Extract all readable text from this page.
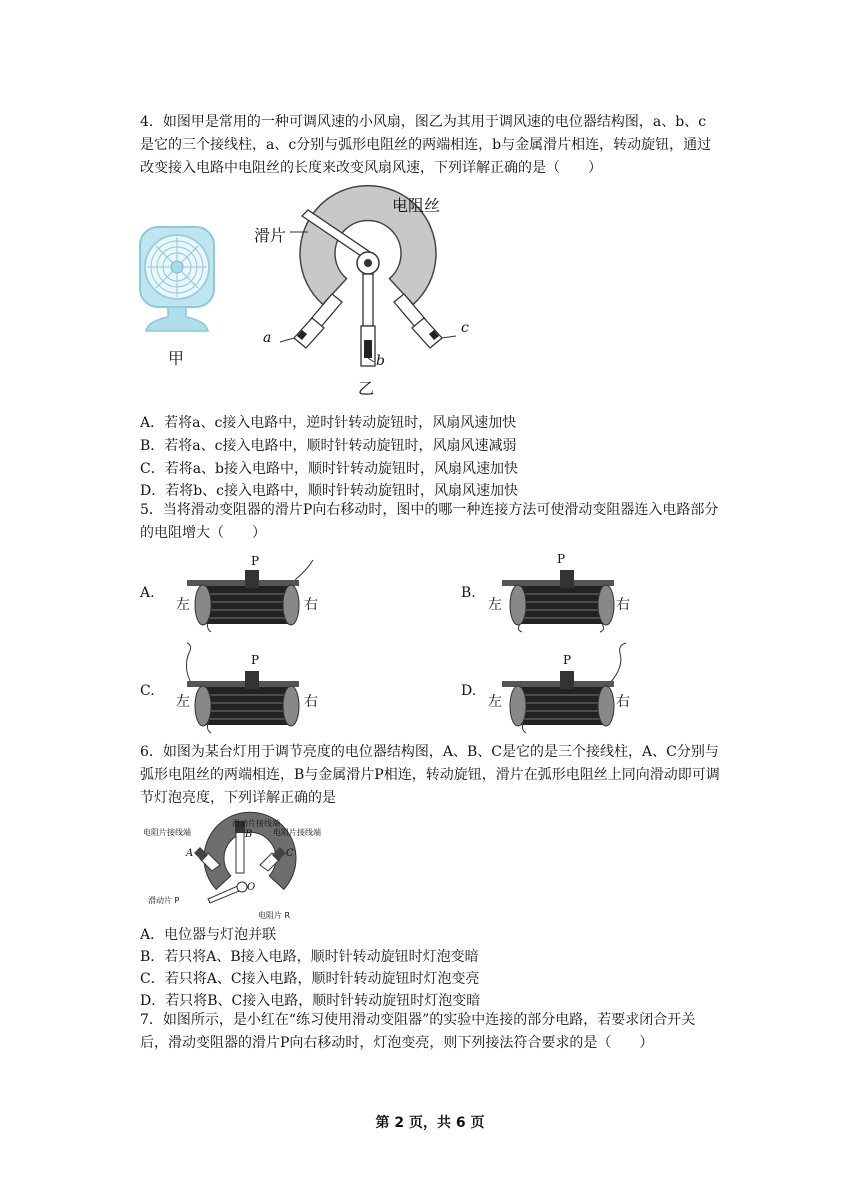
4．如图甲是常用的一种可调风速的小风扇，图乙为其用于调风速的电位器结构图，a、b、c是它的三个接线柱，a、c分别与弧形电阻丝的两端相连，b与金属滑片相连，转动旋钮，通过改变接入电路中电阻丝的长度来改变风扇风速，下列详解正确的是（　　）

甲
电阻丝
滑片
a
b
c
乙
A．若将a、c接入电路中，逆时针转动旋钮时，风扇风速加快
B．若将a、c接入电路中，顺时针转动旋钮时，风扇风速减弱
C．若将a、b接入电路中，顺时针转动旋钮时，风扇风速加快
D．若将b、c接入电路中，顺时针转动旋钮时，风扇风速加快

5．当将滑动变阻器的滑片P向右移动时，图中的哪一种连接方法可使滑动变阻器连入电路部分的电阻增大（　　）

A.
左	右
P
B.
左	右
P
C.
左	右
P
D.
左	右
P

6．如图为某台灯用于调节亮度的电位器结构图，A、B、C是它的是三个接线柱，A、C分别与弧形电阻丝的两端相连，B与金属滑片P相连，转动旋钮，滑片在弧形电阻丝上同向滑动即可调节灯泡亮度，下列详解正确的是

滑动片接线端
电阻片接线端	电阻片接线端
A
B
C
O
滑动片 P
电阻片 R
A．电位器与灯泡并联
B．若只将A、B接入电路，顺时针转动旋钮时灯泡变暗
C．若只将A、C接入电路，顺时针转动旋钮时灯泡变亮
D．若只将B、C接入电路，顺时针转动旋钮时灯泡变暗

7．如图所示，是小红在“练习使用滑动变阻器”的实验中连接的部分电路，若要求闭合开关后，滑动变阻器的滑片P向右移动时，灯泡变亮，则下列接法符合要求的是（　　）

第 2 页，共 6 页
